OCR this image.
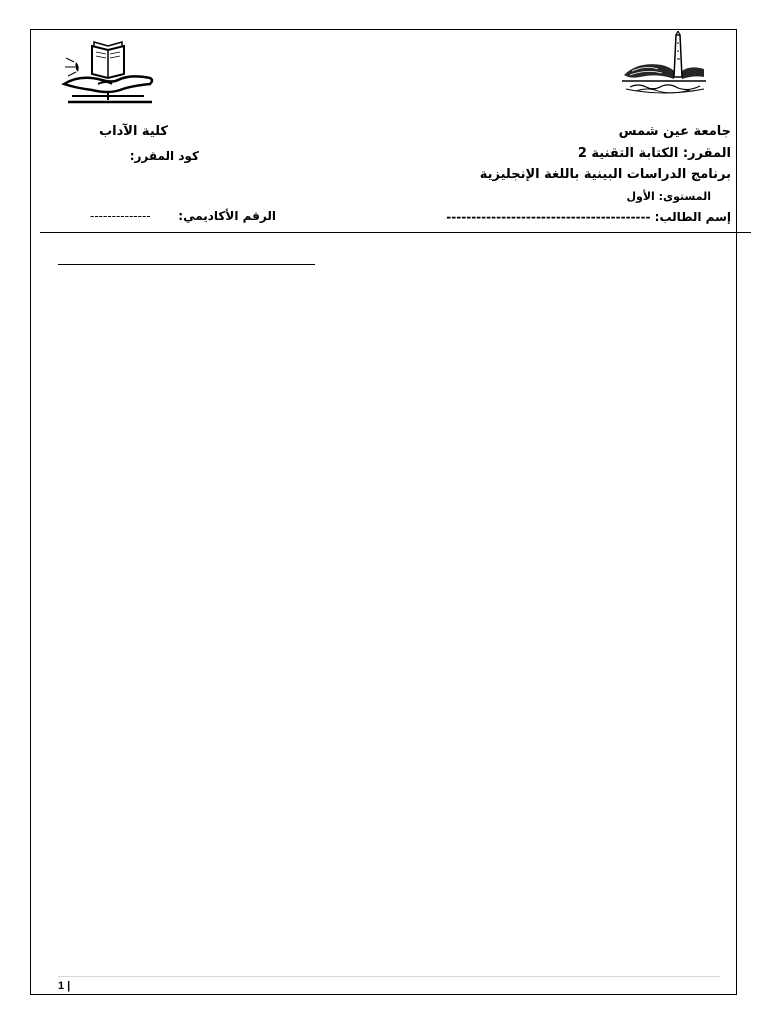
جامعة عين شمس
المقرر: الكتابة التقنية 2
برنامج الدراسات البينية باللغة الإنجليزية
المستوى: الأول
إسم الطالب: -----------------------------------------
كلية الآداب
كود المقرر:
الرقم الأكاديمي:
--------------
1 |
